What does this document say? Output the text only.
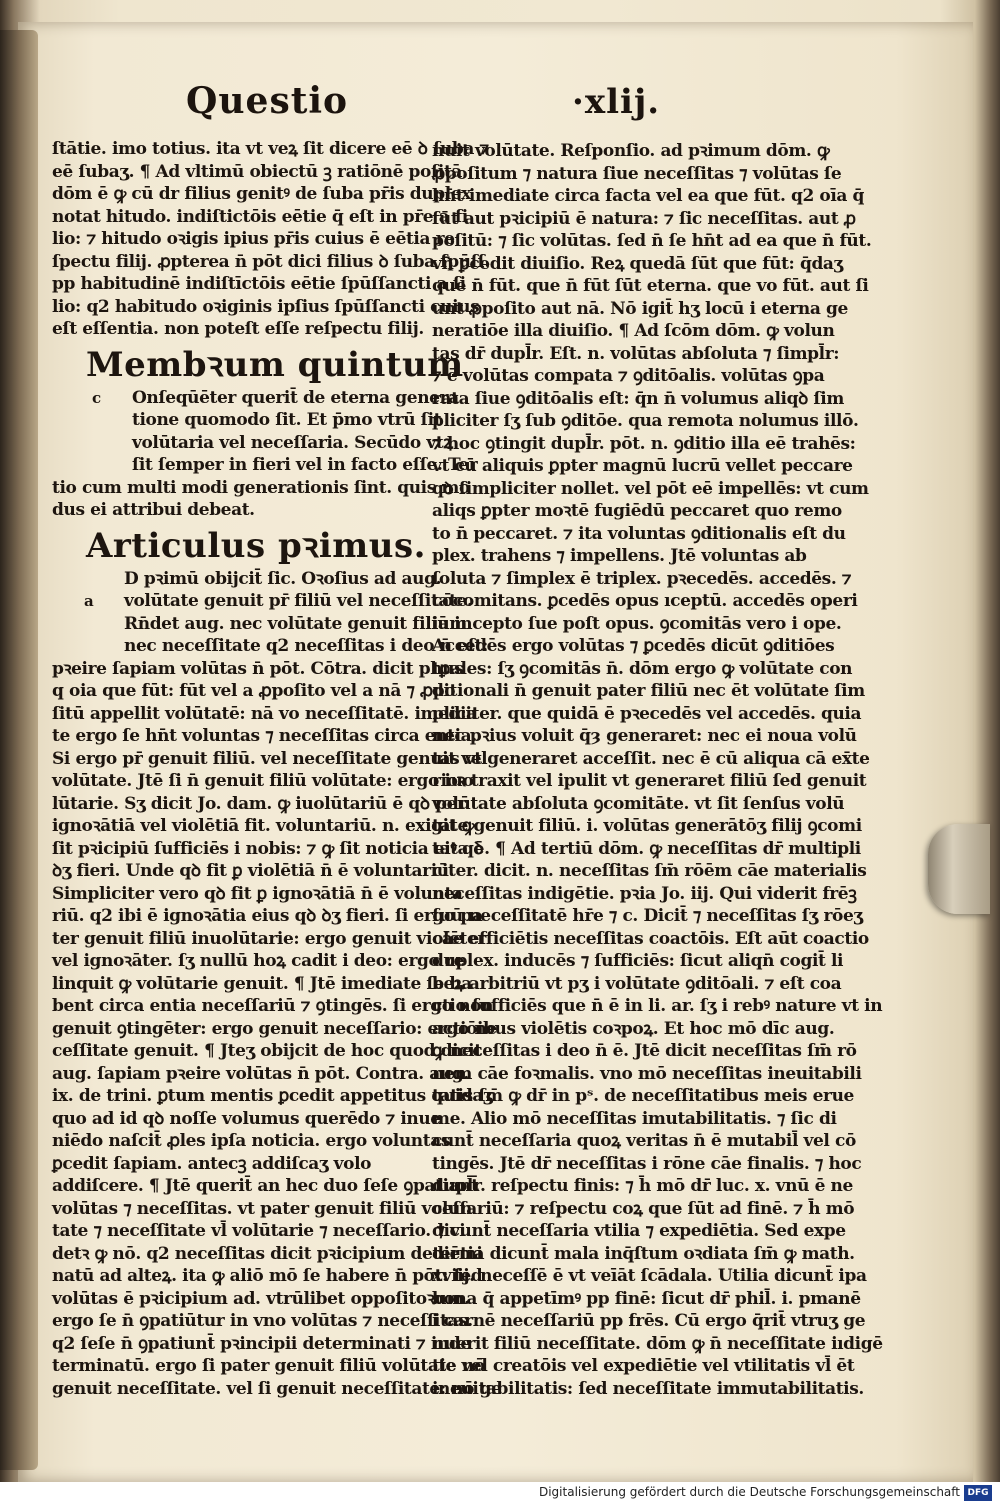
Questio	·xlij.

ſtātie. imo totius. ita vt veꝝ ſit dicere eē ꝺ ſuba ⁊

eē ſubaʒ. ¶ Ad vltimū obiectū ꝫ ratiōnē poſitā.

dōm ē ꝙ cū dr filius genitꝰ de ſuba pr̄is duplex

notat hitudo. indiſtictōis eētie q̄ eſt in pr̄e a fi

lio: ⁊ hitudo oꝛigis ipius pr̄is cuius ē eētia re

ſpectu filij. ꝓpterea n̄ pōt dici filius ꝺ ſuba ſpūſſ.

pp habitudinē indiſtīctōis eētie ſpūſſancti a ſi

lio: q2 habitudo oꝛiginis ipſius ſpūſſancti cuius

eſt eſſentia. non poteſt eſſe reſpectu filij.

Membꝛum quintum

c Onſeqūēter querit̄ de eterna genera

tione quomodo ſit. Et p̄mo vtrū ſit

volūtaria vel neceſſaria. Secūdo vtꝝ

ſit ſemper in fieri vel in facto eſſe. Ter

tio cum multi modi generationis ſint. quis mo

dus ei attribui debeat.

Articulus pꝛimus.

D pꝛimū obijcit̄ ſic. Oꝛoſius ad aug.

a volūtate genuit pr̄ filiū vel neceſſitate.

Rn̄det aug. nec volūtate genuit filium

nec neceſſitate q2 neceſſitas i deo n̄ eſt:

pꝛeire ſapiam volūtas n̄ pōt. Cōtra. dicit phus

q oia que fūt: fūt vel a ꝓpoſito vel a nā ⁊ ꝓpo

ſitū appellit volūtatē: nā vo neceſſitatē. imedia

te ergo ſe hn̄t voluntas ⁊ neceſſitas circa entia.

Si ergo pr̄ genuit filiū. vel neceſſitate genuit vel

volūtate. Jtē ſi n̄ genuit filiū volūtate: ergo iuo

lūtarie. Sʒ dicit Jo. dam. ꝙ iuolūtariū ē qꝺ per

ignoꝛātiā vel violētiā fit. voluntariū. n. exigit ꝙ

ſit pꝛicipiū ſufficiēs i nobis: ⁊ ꝙ ſit noticia eiꝰ qꝺ

ꝺʒ fieri. Unde qꝺ fit ꝑ violētiā n̄ ē voluntariū.

Simpliciter vero qꝺ fit ꝑ ignoꝛātiā n̄ ē volunta

riū. q2 ibi ē ignoꝛātia eius qꝺ ꝺʒ fieri. ſi ergo pa

ter genuit filiū inuolūtarie: ergo genuit violēter

vel ignoꝛāter. ſʒ nullū hoꝝ cadit i deo: ergo re

linquit ꝙ volūtarie genuit. ¶ Jtē imediate ſe ha

bent circa entia neceſſariū ⁊ ꝯtingēs. ſi ergo non

genuit ꝯtingēter: ergo genuit neceſſario: ergo ne

ceſſitate genuit. ¶ Jteʒ obijcit de hoc quod dicit

aug. ſapiam pꝛeire volūtas n̄ pōt. Contra. aug.

ix. de trini. ꝑtum mentis ꝑcedit appetitus quidaʒ

quo ad id qꝺ noſſe volumus querēdo ⁊ inue

niēdo naſcit̄ ꝓles ipſa noticia. ergo voluntas

ꝑcedit ſapiam. antecꝫ addiſcaʒ volo

addiſcere. ¶ Jtē querit̄ an hec duo ſeſe ꝯpatiant̄

volūtas ⁊ neceſſitas. vt pater genuit filiū volun

tate ⁊ neceſſitate vl̄ volūtarie ⁊ neceſſario. ⁊ vi

detꝛ ꝙ nō. q2 neceſſitas dicit pꝛicipium determi

natū ad alteꝝ. ita ꝙ aliō mō ſe habere n̄ pōt: ſed

volūtas ē pꝛicipium ad. vtrūlibet oppoſitoꝛum.

ergo ſe n̄ ꝯpatiūtur in vno volūtas ⁊ neceſſitas.

q2 ſeſe n̄ ꝯpatiunt̄ pꝛincipii determinati ⁊ inde

terminatū. ergo ſi pater genuit filiū volūtate nō

genuit neceſſitate. vel ſi genuit neceſſitate: nō ge

nuit volūtate. Reſponſio. ad pꝛimum dōm. ꝙ

ꝓpoſitum ⁊ natura ſiue neceſſitas ⁊ volūtas ſe

hn̄t imediate circa facta vel ea que fūt. q2 oīa q̄

fūt aut pꝛicipiū ē natura: ⁊ ſic neceſſitas. aut ꝓ

poſitū: ⁊ ſic volūtas. ſed n̄ ſe hn̄t ad ea que n̄ fūt.

vn̄ ꝑcedit diuiſio. Reꝝ quedā ſūt que fūt: q̄daʒ

que n̄ fūt. que n̄ fūt ſūt eterna. que vo fūt. aut ſi

unt ꝓpoſito aut nā. Nō igit̄ hʒ locū i eterna ge

neratiōe illa diuiſio. ¶ Ad ſcōm dōm. ꝙ volun

tas dr̄ dupl̄r. Eſt. n. volūtas abſoluta ⁊ ſimpl̄r:

⁊ ē volūtas compata ⁊ ꝯditōalis. volūtas ꝯpa

rata ſiue ꝯditōalis eſt: q̄n n̄ volumus aliqꝺ ſim

pliciter ſʒ ſub ꝯditōe. qua remota nolumus illō.

⁊ hoc ꝯtingit dupl̄r. pōt. n. ꝯditio illa eē trahēs:

vt cū aliquis ꝑpter magnū lucrū vellet peccare

qꝺ ſimpliciter nollet. vel pōt eē impellēs: vt cum

aliqs ꝑpter moꝛtē fugiēdū peccaret quo remo

to n̄ peccaret. ⁊ ita voluntas ꝯditionalis eſt du

plex. trahens ⁊ impellens. Jtē voluntas ab

ſoluta ⁊ ſimplex ē triplex. pꝛecedēs. accedēs. ⁊

cōcomitans. ꝑcedēs opus ıceptū. accedēs operi

iā incepto ſue poſt opus. ꝯcomitās vero i ope.

Accedēs ergo volūtas ⁊ ꝑcedēs dicūt ꝯditiōes

tꝑales: ſʒ ꝯcomitās n̄. dōm ergo ꝙ volūtate con

ditionali n̄ genuit pater filiū nec ēt volūtate ſim

pliciter. que quidā ē pꝛecedēs vel accedēs. quia

nec pꝛius voluit q̄ȝ generaret: nec ei noua volū

tas vt generaret acceſſit. nec ē cū aliqua cā ex̄te

rioꝛ traxit vel ipulit vt generaret filiū ſed genuit

volūtate abſoluta ꝯcomitāte. vt ſit ſenſus volū

tate genuit filiū. i. volūtas generātōʒ filij ꝯcomi

tata ē. ¶ Ad tertiū dōm. ꝙ neceſſitas dr̄ multipli

citer. dicit. n. neceſſitas ſm̄ rōēm cāe materialis

neceſſitas indigētie. pꝛia Jo. iij. Qui viderit frēꝫ

ſuū neceſſitatē hr̄e ⁊ c. Dicit̄ ⁊ neceſſitas ſʒ rōeʒ

cāe efficiētis neceſſitas coactōis. Eſt aūt coactio

duplex. inducēs ⁊ ſufficiēs: ſicut aliqn̄ cogit̄ li

beꝝ arbitriū vt pʒ i volūtate ꝯditōali. ⁊ eſt coa

ctio ſufficiēs que n̄ ē in li. ar. ſʒ i rebꝰ nature vt in

actiōibus violētis coꝛpoꝝ. Et hoc mō dīc aug.

ꝙ neceſſitas i deo n̄ ē. Jtē dicit neceſſitas ſm̄ rō

nem cāe foꝛmalis. vno mō neceſſitas ineuitabili

tatis ſm̄ ꝙ dr̄ in pˢ. de neceſſitatibus meis erue

me. Alio mō neceſſitas imutabilitatis. ⁊ ſic di

cunt̄ neceſſaria quoꝝ veritas n̄ ē mutabil̄ vel cō

tingēs. Jtē dr̄ neceſſitas i rōne cāe finalis. ⁊ hoc

dupl̄r. reſpectu finis: ⁊ h̄ mō dr̄ luc. x. vnū ē ne

ceſſariū: ⁊ reſpectu coꝝ que ſūt ad finē. ⁊ h̄ mō

dicunt̄ neceſſaria vtilia ⁊ expediētia. Sed expe

diētia dicunt̄ mala inq̄ſtum oꝛdiata ſm̄ ꝙ math.

xviij. neceſſē ē vt veīāt ſcādala. Utilia dicunt̄ ipa

bona q̄ appetīmꝰ pp finē: ſicut dr̄ phil̄. i. pmanē

i carnē neceſſariū pp frēs. Cū ergo q̄rit̄ vtruʒ ge

nuerit filiū neceſſitate. dōm ꝙ n̄ neceſſitate iıdigē

tie vel creatōis vel expediētie vel vtilitatis vl̄ ēt

ineuitabilitatis: ſed neceſſitate immutabilitatis.

Digitalisierung gefördert durch die Deutsche Forschungsgemeinschaft DFG
